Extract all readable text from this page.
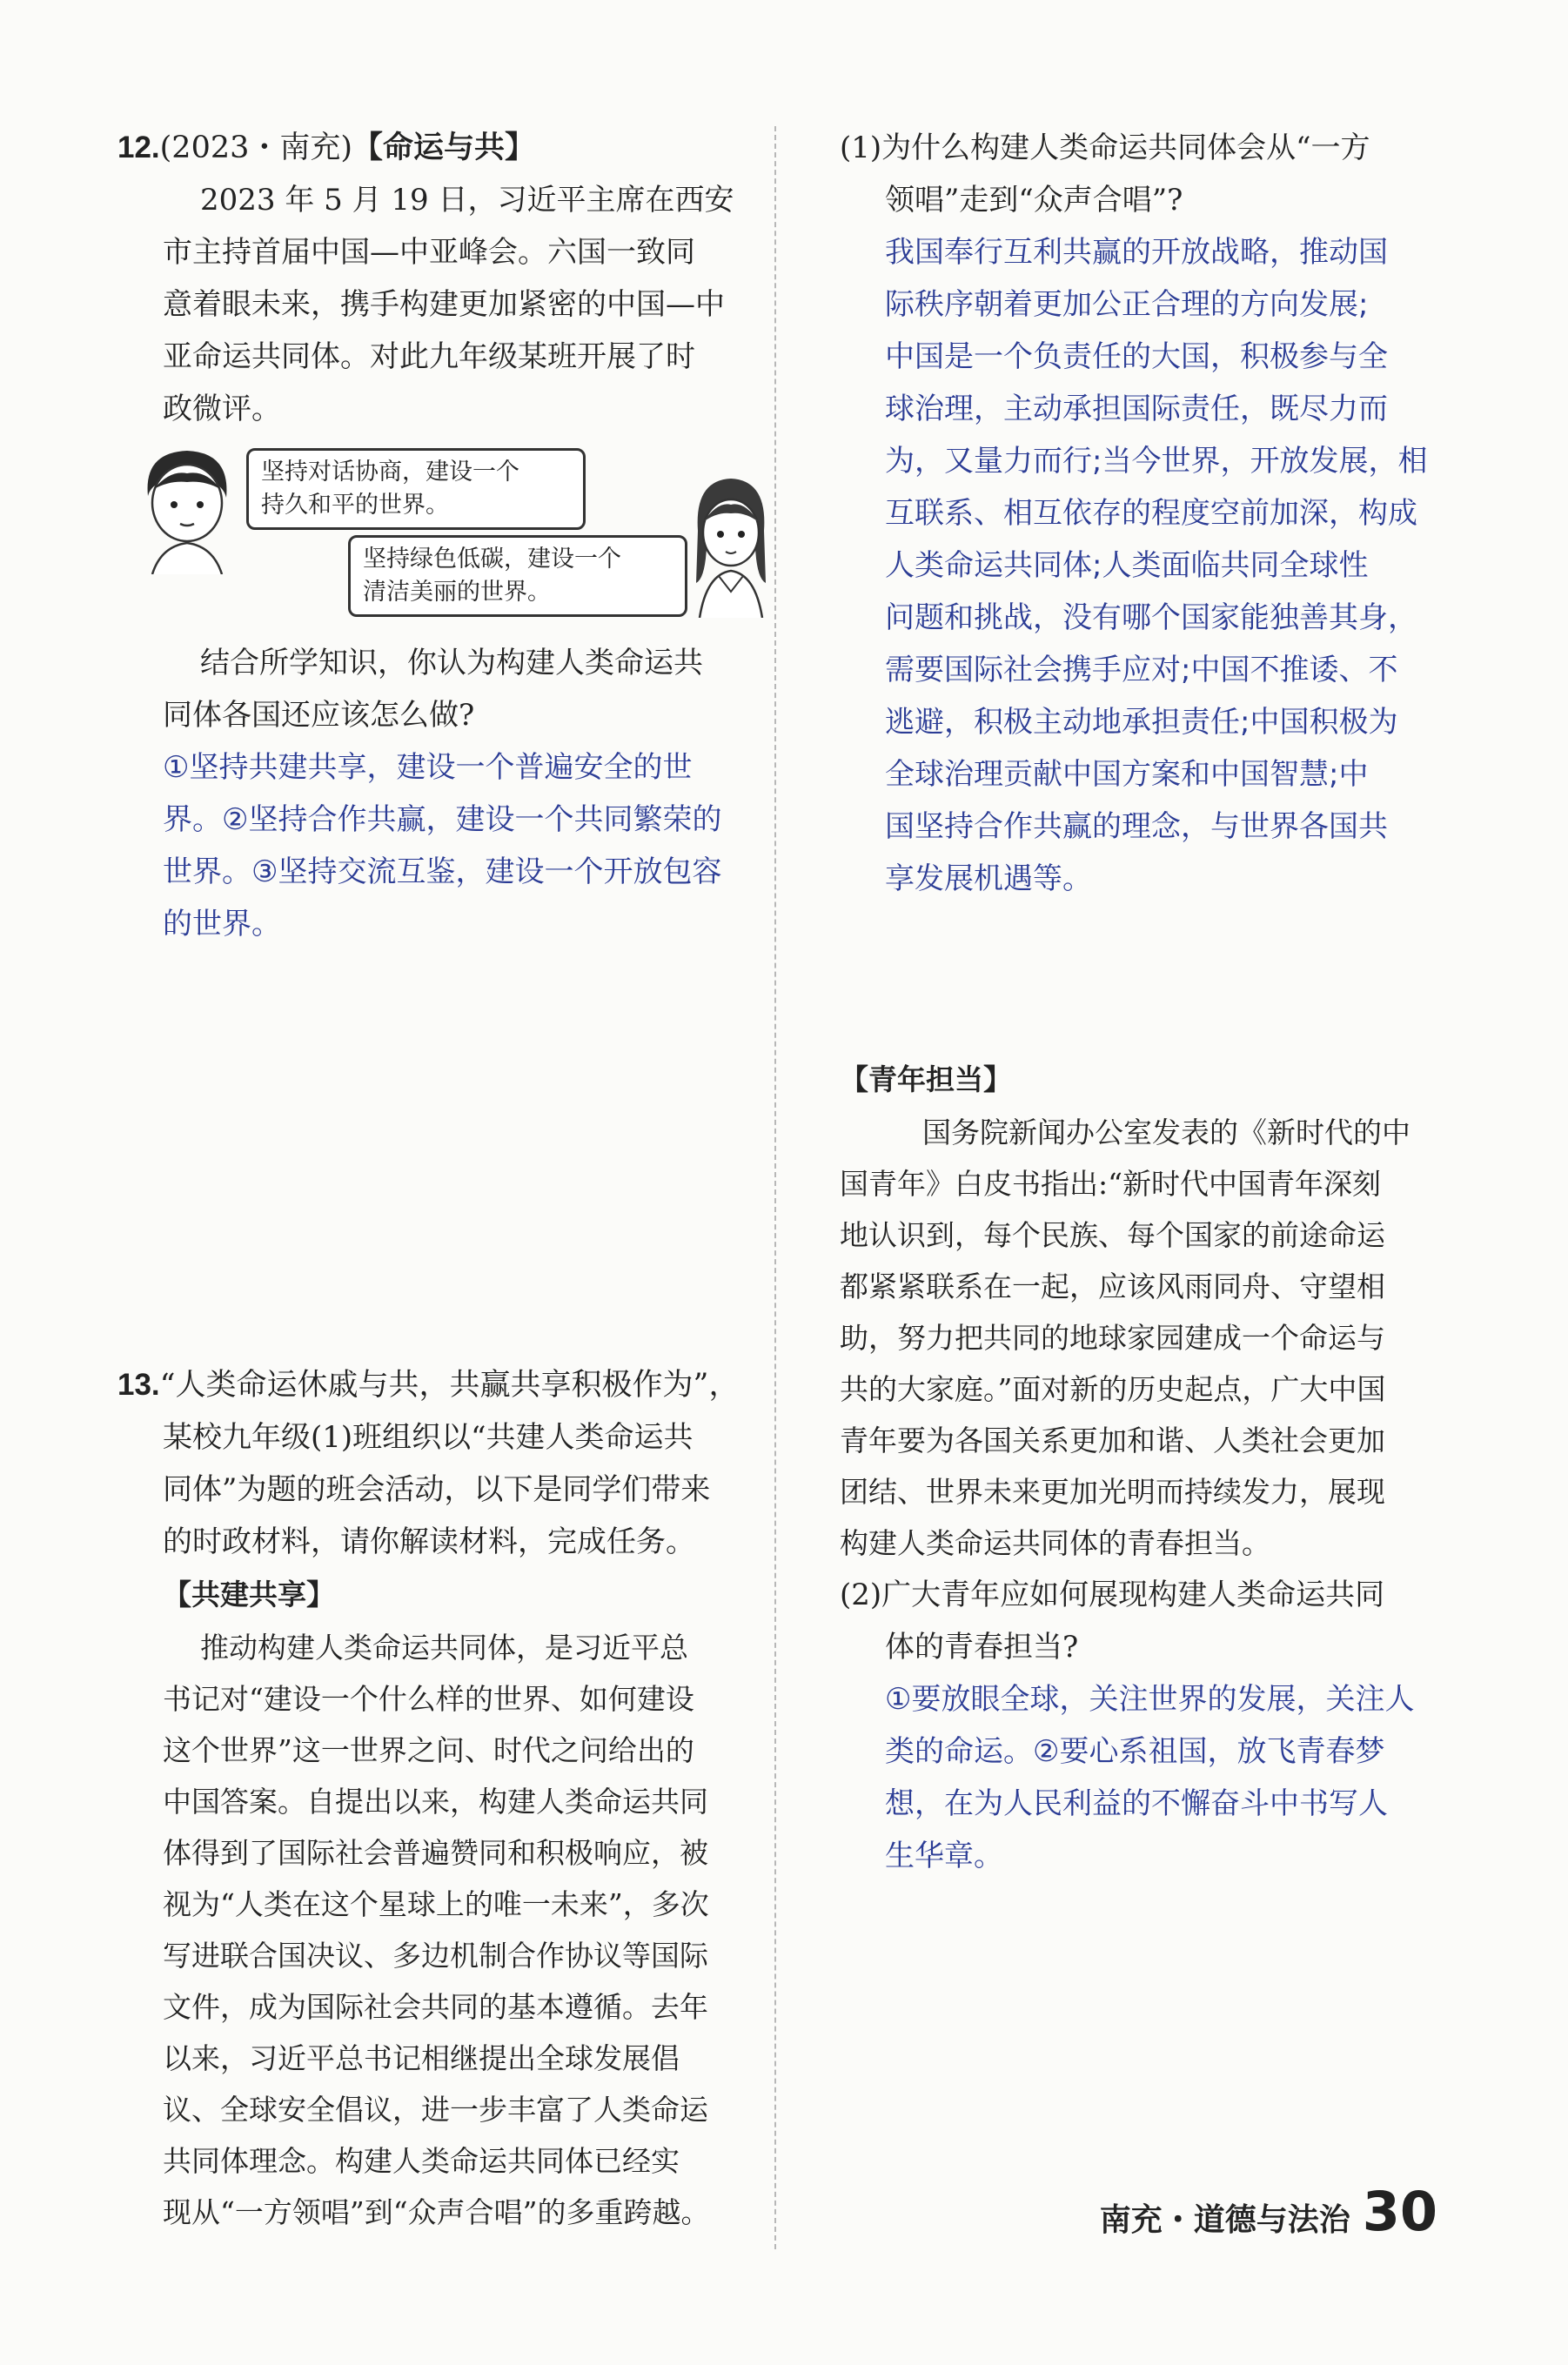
12.(2023・南充)【命运与共】
2023 年 5 月 19 日，习近平主席在西安
市主持首届中国—中亚峰会。六国一致同
意着眼未来，携手构建更加紧密的中国—中
亚命运共同体。对此九年级某班开展了时
政微评。
坚持对话协商，建设一个
持久和平的世界。
坚持绿色低碳，建设一个
清洁美丽的世界。
结合所学知识，你认为构建人类命运共
同体各国还应该怎么做?
①坚持共建共享，建设一个普遍安全的世
界。②坚持合作共赢，建设一个共同繁荣的
世界。③坚持交流互鉴，建设一个开放包容
的世界。
13.“人类命运休戚与共，共赢共享积极作为”，
某校九年级(1)班组织以“共建人类命运共
同体”为题的班会活动，以下是同学们带来
的时政材料，请你解读材料，完成任务。
【共建共享】
推动构建人类命运共同体，是习近平总
书记对“建设一个什么样的世界、如何建设
这个世界”这一世界之问、时代之问给出的
中国答案。自提出以来，构建人类命运共同
体得到了国际社会普遍赞同和积极响应，被
视为“人类在这个星球上的唯一未来”，多次
写进联合国决议、多边机制合作协议等国际
文件，成为国际社会共同的基本遵循。去年
以来，习近平总书记相继提出全球发展倡
议、全球安全倡议，进一步丰富了人类命运
共同体理念。构建人类命运共同体已经实
现从“一方领唱”到“众声合唱”的多重跨越。
(1)为什么构建人类命运共同体会从“一方
领唱”走到“众声合唱”?
我国奉行互利共赢的开放战略，推动国
际秩序朝着更加公正合理的方向发展;
中国是一个负责任的大国，积极参与全
球治理，主动承担国际责任，既尽力而
为，又量力而行;当今世界，开放发展，相
互联系、相互依存的程度空前加深，构成
人类命运共同体;人类面临共同全球性
问题和挑战，没有哪个国家能独善其身，
需要国际社会携手应对;中国不推诿、不
逃避，积极主动地承担责任;中国积极为
全球治理贡献中国方案和中国智慧;中
国坚持合作共赢的理念，与世界各国共
享发展机遇等。
【青年担当】
国务院新闻办公室发表的《新时代的中
国青年》白皮书指出:“新时代中国青年深刻
地认识到，每个民族、每个国家的前途命运
都紧紧联系在一起，应该风雨同舟、守望相
助，努力把共同的地球家园建成一个命运与
共的大家庭。”面对新的历史起点，广大中国
青年要为各国关系更加和谐、人类社会更加
团结、世界未来更加光明而持续发力，展现
构建人类命运共同体的青春担当。
(2)广大青年应如何展现构建人类命运共同
体的青春担当?
①要放眼全球，关注世界的发展，关注人
类的命运。②要心系祖国，放飞青春梦
想，在为人民利益的不懈奋斗中书写人
生华章。
南充・道德与法治 30
